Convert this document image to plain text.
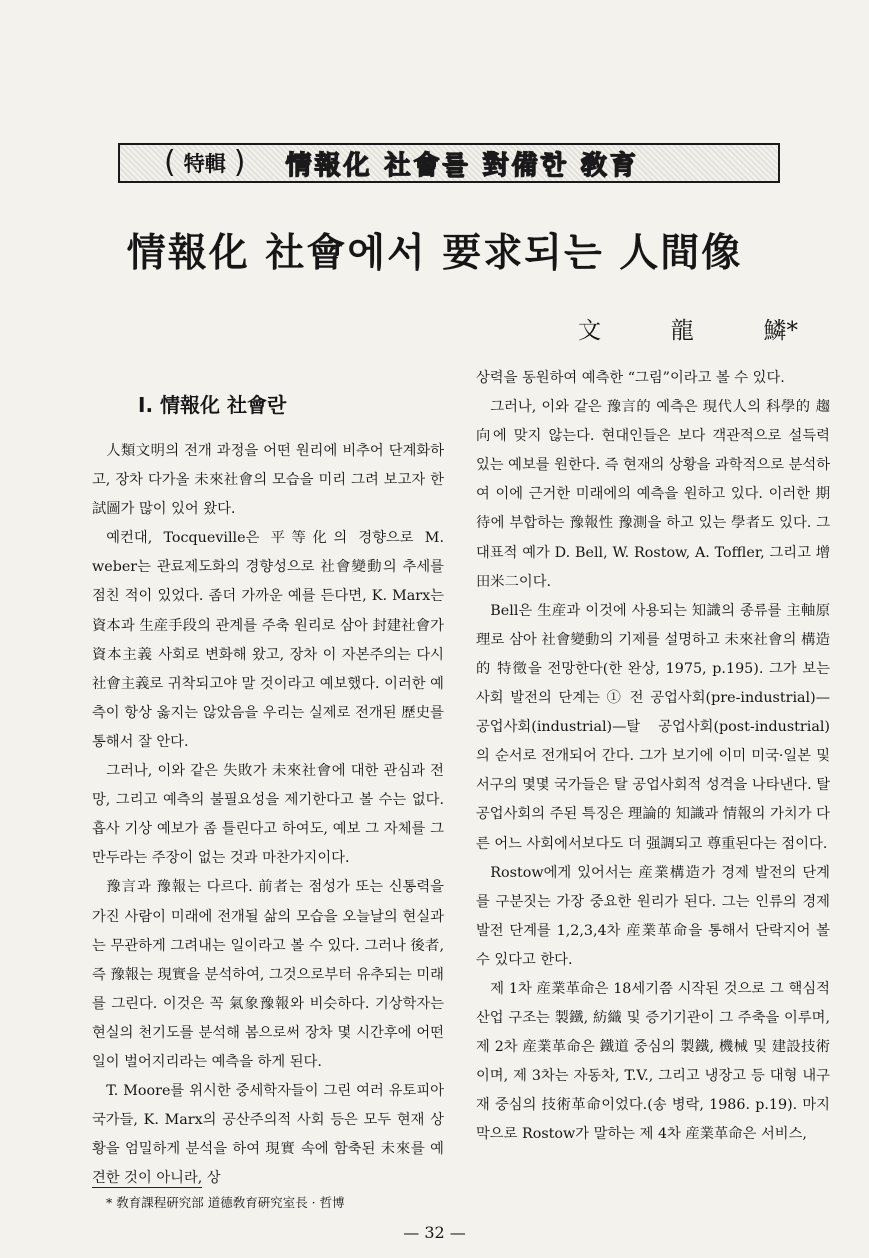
( 特輯 ) 情報化 社會를 對備한 敎育
情報化 社會에서 要求되는 人間像
文	龍	鱗*
Ⅰ. 情報化 社會란

人類文明의 전개 과정을 어떤 원리에 비추어 단계화하고, 장차 다가올 未來社會의 모습을 미리 그려 보고자 한 試圖가 많이 있어 왔다.

예컨대, Tocqueville은 平等化의 경향으로 M. weber는 관료제도화의 경향성으로 社會變動의 추세를 점친 적이 있었다. 좀더 가까운 예를 든다면, K. Marx는 資本과 生産手段의 관계를 주축 원리로 삼아 封建社會가 資本主義 사회로 변화해 왔고, 장차 이 자본주의는 다시 社會主義로 귀착되고야 말 것이라고 예보했다. 이러한 예측이 항상 옳지는 않았음을 우리는 실제로 전개된 歷史를 통해서 잘 안다.

그러나, 이와 같은 失敗가 未來社會에 대한 관심과 전망, 그리고 예측의 불필요성을 제기한다고 볼 수는 없다. 흡사 기상 예보가 좀 틀린다고 하여도, 예보 그 자체를 그만두라는 주장이 없는 것과 마찬가지이다.

豫言과 豫報는 다르다. 前者는 점성가 또는 신통력을 가진 사람이 미래에 전개될 삶의 모습을 오늘날의 현실과는 무관하게 그려내는 일이라고 볼 수 있다. 그러나 後者, 즉 豫報는 現實을 분석하여, 그것으로부터 유추되는 미래를 그린다. 이것은 꼭 氣象豫報와 비슷하다. 기상학자는 현실의 천기도를 분석해 봄으로써 장차 몇 시간후에 어떤 일이 벌어지리라는 예측을 하게 된다.

T. Moore를 위시한 중세학자들이 그린 여러 유토피아 국가들, K. Marx의 공산주의적 사회 등은 모두 현재 상황을 엄밀하게 분석을 하여 現實 속에 함축된 未來를 예견한 것이 아니라, 상

상력을 동원하여 예측한 “그림”이라고 볼 수 있다.

그러나, 이와 같은 豫言的 예측은 現代人의 科學的 趨向에 맞지 않는다. 현대인들은 보다 객관적으로 설득력 있는 예보를 원한다. 즉 현재의 상황을 과학적으로 분석하여 이에 근거한 미래에의 예측을 원하고 있다. 이러한 期待에 부합하는 豫報性 豫測을 하고 있는 學者도 있다. 그 대표적 예가 D. Bell, W. Rostow, A. Toffler, 그리고 增田米二이다.

Bell은 生産과 이것에 사용되는 知識의 종류를 主軸原理로 삼아 社會變動의 기제를 설명하고 未來社會의 構造的 特徵을 전망한다(한 완상, 1975, p.195). 그가 보는 사회 발전의 단계는 ① 전 공업사회(pre-industrial)—공업사회(industrial)—탈 공업사회(post-industrial)의 순서로 전개되어 간다. 그가 보기에 이미 미국·일본 및 서구의 몇몇 국가들은 탈 공업사회적 성격을 나타낸다. 탈 공업사회의 주된 특징은 理論的 知識과 情報의 가치가 다른 어느 사회에서보다도 더 强調되고 尊重된다는 점이다.

Rostow에게 있어서는 産業構造가 경제 발전의 단계를 구분짓는 가장 중요한 원리가 된다. 그는 인류의 경제 발전 단계를 1,2,3,4차 産業革命을 통해서 단락지어 볼 수 있다고 한다.

제 1차 産業革命은 18세기쯤 시작된 것으로 그 핵심적 산업 구조는 製鐵, 紡織 및 증기기관이 그 주축을 이루며, 제 2차 産業革命은 鐵道 중심의 製鐵, 機械 및 建設技術이며, 제 3차는 자동차, T.V., 그리고 냉장고 등 대형 내구재 중심의 技術革命이었다.(송 병락, 1986. p.19). 마지막으로 Rostow가 말하는 제 4차 産業革命은 서비스,

* 敎育課程硏究部 道德敎育硏究室長 · 哲博

— 32 —
